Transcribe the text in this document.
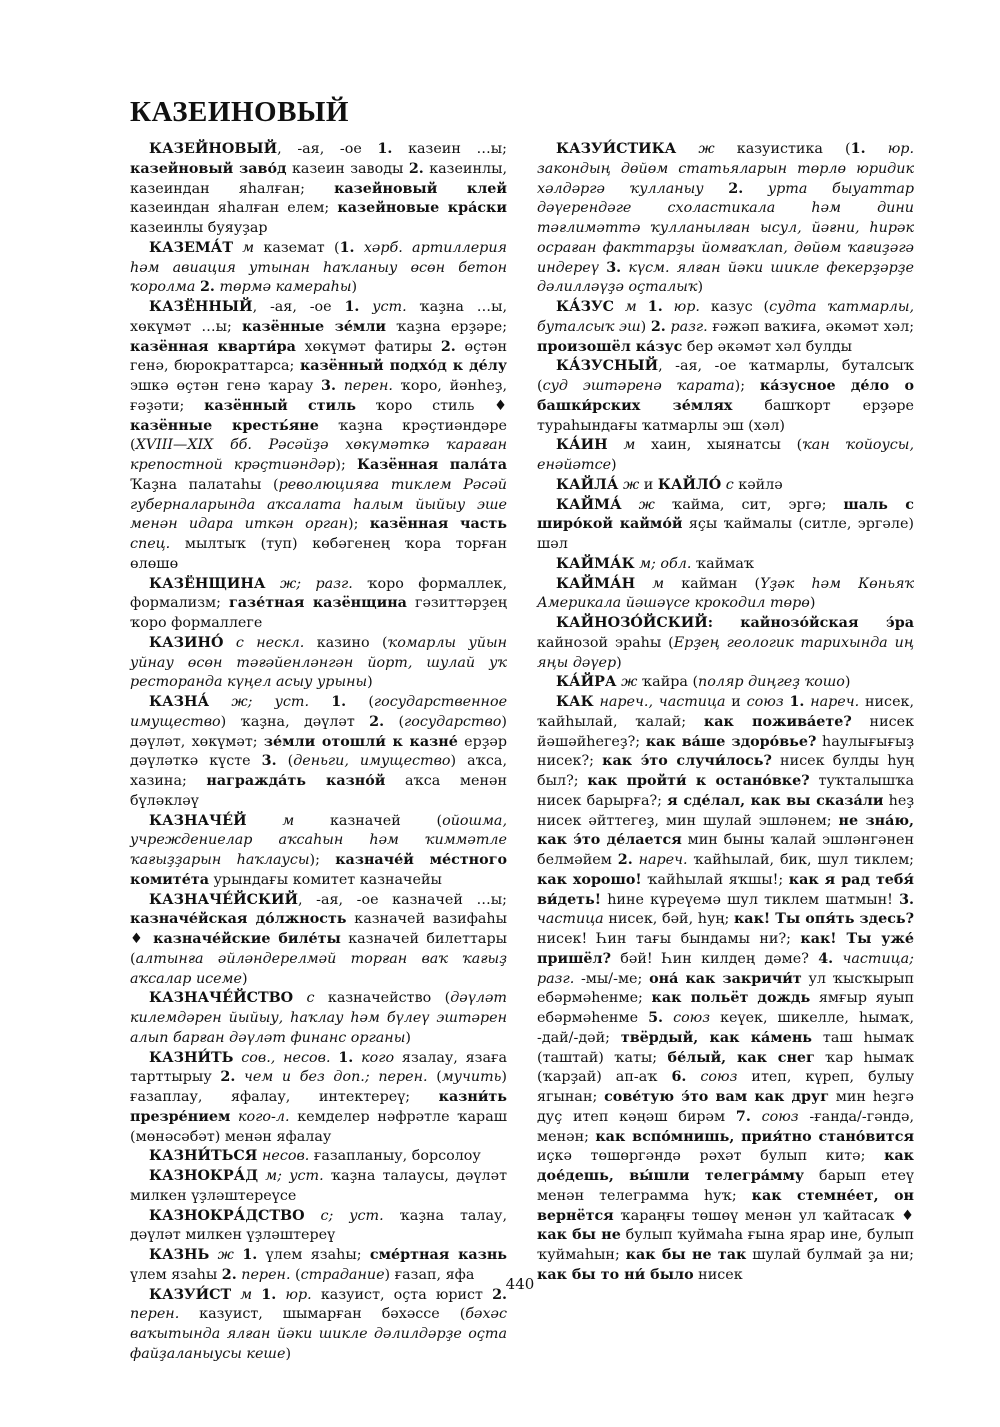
КАЗЕИНОВЫЙ

КАЗЕЙНОВЫЙ, -ая, -ое 1. казеин …ы; казейновый заво́д казеин заводы 2. казеинлы, казеиндан яһалған; казейновый клей казеиндан яһалған елем; казейновые кра́ски казеинлы буяуҙар

КАЗЕМА́Т м каземат (1. хәрб. артиллерия һәм авиация утынан һаҡланыу өсөн бетон ҡоролма 2. төрмә камераһы)

КАЗЁННЫЙ, -ая, -ое 1. уст. ҡаҙна …ы, хөкүмәт …ы; казённые зе́мли ҡаҙна ерҙәре; казённая кварти́ра хөкүмәт фатиры 2. өҫтән генә, бюрократтарса; казённый подхо́д к де́лу эшкә өҫтән генә ҡарау 3. перен. ҡоро, йәнһеҙ, ғәҙәти; казённый стиль ҡоро стиль ♦ казённые кресть́яне ҡаҙна крәҫтиәндәре (XVIII—XIX бб. Рәсәйҙә хөкүмәткә ҡараған крепостной крәҫтиәндәр); Казённая пала́та Ҡаҙна палатаһы (революцияға тиклем Рәсәй губерналарында аҡсалата һалым йыйыу эше менән идара иткән орган); казённая часть спец. мылтыҡ (туп) көбәгенең ҡора торған өлөшө

КАЗЁНЩИНА ж; разг. ҡоро формаллек, формализм; газе́тная казёнщина гәзиттәрҙең ҡоро формаллеге

КАЗИНО́ с нескл. казино (ҡомарлы уйын уйнау өсөн тәғәйенләнгән йорт, шулай уҡ ресторанда күңел асыу урыны)

КАЗНА́ ж; уст. 1. (государственное имущество) ҡаҙна, дәүләт 2. (государство) дәүләт, хөкүмәт; зе́мли отошли́ к казне́ ерҙәр дәүләткә күсте 3. (деньги, имущество) аҡса, хазина; награжда́ть казно́й аҡса менән бүләкләү

КАЗНАЧЕ́Й	м казначей (ойошма, учреждениелар аҡсаһын һәм ҡиммәтле ҡағыҙҙарын һаҡлаусы); казначе́й ме́стного комите́та урындағы комитет казначейы

КАЗНАЧЕ́ЙСКИЙ, -ая, -ое казначей …ы; казначе́йская до́лжность казначей вазифаһы ♦ казначе́йские биле́ты казначей билеттары (алтынға әйләндерелмәй торған ваҡ ҡағыҙ аҡсалар исеме)

КАЗНАЧЕ́ЙСТВО с казначейство (дәүләт килемдәрен йыйыу, һаҡлау һәм бүлеү эштәрен алып барған дәүләт финанс органы)

КАЗНИ́ТЬ сов., несов. 1. кого язалау, язаға тарттырыу 2. чем и без доп.; перен. (мучить) ғазаплау, яфалау, интектереү; казни́ть презре́нием кого-л. кемделер нәфрәтле ҡараш (мөнәсәбәт) менән яфалау

КАЗНИ́ТЬСЯ несов. ғазапланыу, борсолоу

КАЗНОКРА́Д м; уст. ҡаҙна талаусы, дәүләт милкен үҙләштереүсе

КАЗНОКРА́ДСТВО с; уст. ҡаҙна талау, дәүләт милкен үҙләштереү

КАЗНЬ ж 1. үлем язаһы; сме́ртная казнь үлем язаһы 2. перен. (страдание) ғазап, яфа

КАЗУИ́СТ м 1. юр. казуист, оҫта юрист 2. перен. казуист, шымарған бәхәссе (бәхәс ваҡытында ялған йәки шикле дәлилдәрҙе оҫта файҙаланыусы кеше)

КАЗУИ́СТИКА ж казуистика (1. юр. закондың дөйөм статьяларын төрлө юридик хәлдәргә ҡулланыу 2. урта быуаттар дәүерендәге схоластикала һәм дини тәғлимәттә ҡулланылған ысул, йәғни, һирәк осраған факттарҙы йомғаҡлап, дөйөм ҡағиҙәгә индереү 3. күсм. ялған йәки шикле фекерҙәрҙе дәлилләүҙә оҫталыҡ)

КА́ЗУС м 1. юр. казус (судта ҡатмарлы, буталсыҡ эш) 2. разг. ғәжәп ваҡиға, әкәмәт хәл; произошёл ка́зус бер әкәмәт хәл булды

КА́ЗУСНЫЙ, -ая, -ое ҡатмарлы, буталсыҡ (суд эштәренә ҡарата); ка́зусное де́ло о башки́рских зе́млях башҡорт ерҙәре тураһындағы ҡатмарлы эш (хәл)

КА́ИН м хаин, хыянатсы (ҡан ҡойоусы, енәйәтсе)

КАЙЛА́ ж и КАЙЛО́ с кәйлә

КАЙМА́ ж ҡайма, сит, эргә; шаль с широ́кой каймо́й яҫы ҡаймалы (ситле, эргәле) шәл

КАЙМА́К м; обл. ҡаймаҡ

КАЙМА́Н м кайман (Үҙәк һәм Көньяҡ Америкала йәшәүсе крокодил төрө)

КАЙНОЗО́ЙСКИЙ: кайнозо́йская э́ра кайнозой эраһы (Ерҙең геологик тарихында иң яңы дәүер)

КА́ЙРА ж ҡайра (поляр диңгеҙ ҡошо)

КАК нареч., частица и союз 1. нареч. нисек, ҡайһылай, ҡалай; как пожива́ете? нисек йәшәйһегеҙ?; как ва́ше здоро́вье? һаулығығыҙ нисек?; как э́то случи́лось? нисек булды һуң был?; как пройти́ к остано́вке? туҡталышҡа нисек барырға?; я сде́лал, как вы сказа́ли һеҙ нисек әйттегеҙ, мин шулай эшләнем; не зна́ю, как э́то де́лается мин быны ҡалай эшләнгәнен белмәйем 2. нареч. ҡайһылай, бик, шул тиклем; как хорошо! ҡайһылай яҡшы!; как я рад тебя́ ви́деть! һине күреүемә шул тиклем шатмын! 3. частица нисек, бәй, һуң; как! Ты опя́ть здесь? нисек! Һин тағы бындамы ни?; как! Ты уже́ пришёл? бәй! Һин килдең дәме? 4. частица; разг. -мы/-ме; она́ как закричи́т ул ҡысҡырып ебәрмәһенме; как польёт дождь ямғыр яуып ебәрмәһенме 5. союз кеүек, шикелле, һымаҡ, -дай/-дәй; твёрдый, как ка́мень таш һымаҡ (таштай) ҡаты; бе́лый, как снег ҡар һымаҡ (ҡарҙай) ап-аҡ 6. союз итеп, күреп, булыу ягынан; сове́тую э́то вам как друг мин һеҙгә дуҫ итеп кәңәш бирәм 7. союз -ғанда/-гәндә, менән; как вспо́мнишь, прия́тно стано́вится иҫкә төшөргәндә рәхәт булып китә; как дое́дешь, вы́шли телегра́мму барып етеү менән телеграмма һуҡ; как стемне́ет, он вернётся ҡараңғы төшөү менән ул ҡайтасаҡ ♦ как бы не булып ҡуймаһа ғына ярар ине, булып ҡуймаһын; как бы не так шулай булмай ҙа ни; как бы то ни́ было нисек

440
